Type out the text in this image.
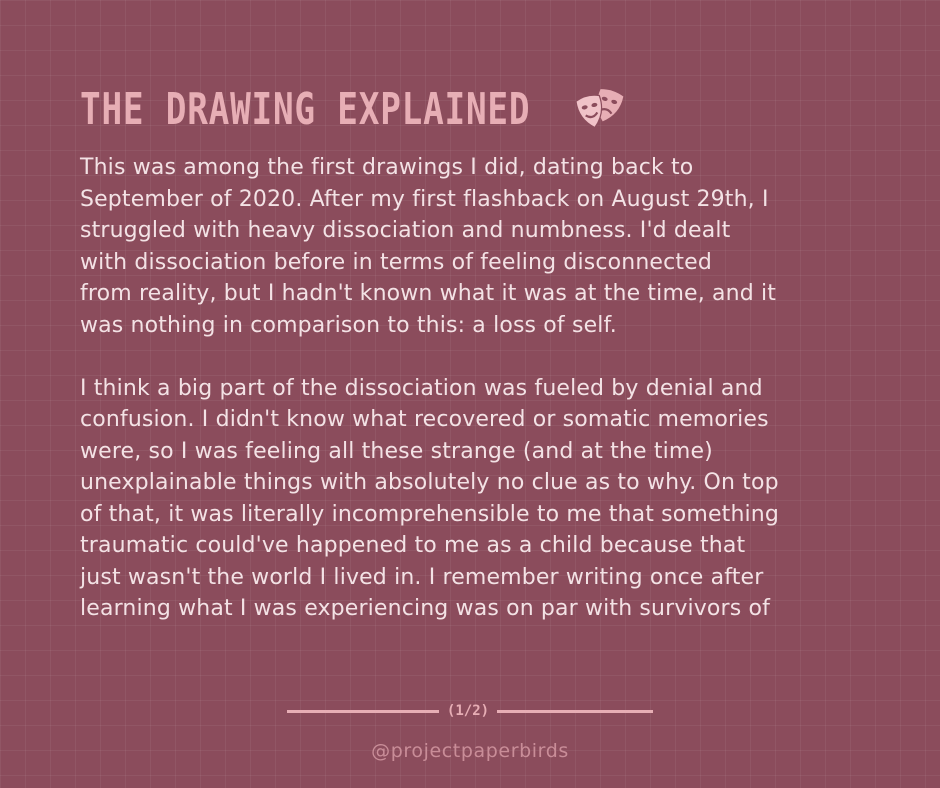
THE DRAWING EXPLAINED

This was among the first drawings I did, dating back to
September of 2020. After my first flashback on August 29th, I
struggled with heavy dissociation and numbness. I'd dealt
with dissociation before in terms of feeling disconnected
from reality, but I hadn't known what it was at the time, and it
was nothing in comparison to this: a loss of self.

I think a big part of the dissociation was fueled by denial and
confusion. I didn't know what recovered or somatic memories
were, so I was feeling all these strange (and at the time)
unexplainable things with absolutely no clue as to why. On top
of that, it was literally incomprehensible to me that something
traumatic could've happened to me as a child because that
just wasn't the world I lived in. I remember writing once after
learning what I was experiencing was on par with survivors of

(1/2)
@projectpaperbirds
